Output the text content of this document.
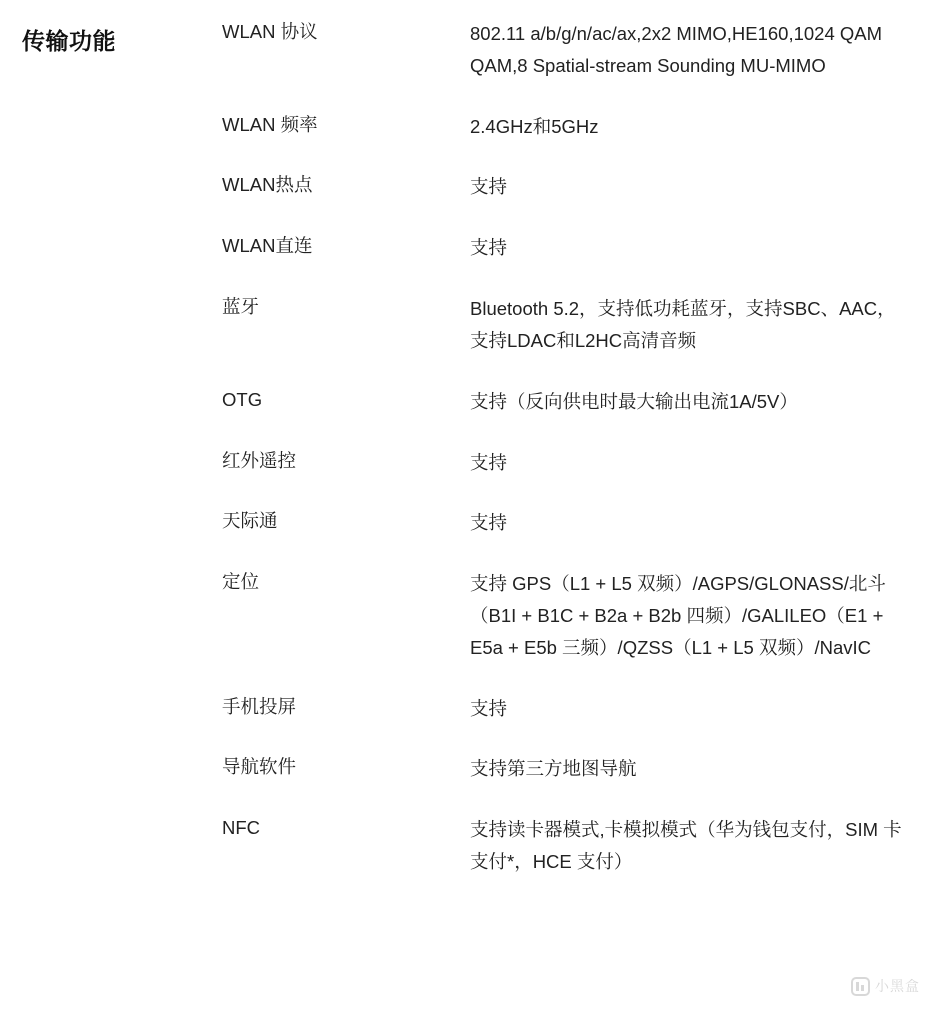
传输功能	WLAN 协议	802.11 a/b/g/n/ac/ax,2x2 MIMO,HE160,1024 QAM QAM,8 Spatial-stream Sounding MU-MIMO
WLAN 频率	2.4GHz和5GHz
WLAN热点	支持
WLAN直连	支持
蓝牙	Bluetooth 5.2，支持低功耗蓝牙，支持SBC、AAC，支持LDAC和L2HC高清音频
OTG	支持（反向供电时最大输出电流1A/5V）
红外遥控	支持
天际通	支持
定位	支持 GPS（L1 + L5 双频）/AGPS/GLONASS/北斗（B1I + B1C + B2a + B2b 四频）/GALILEO（E1 + E5a + E5b 三频）/QZSS（L1 + L5 双频）/NavIC
手机投屏	支持
导航软件	支持第三方地图导航
NFC	支持读卡器模式,卡模拟模式（华为钱包支付，SIM 卡支付*，HCE 支付）
小黑盒
